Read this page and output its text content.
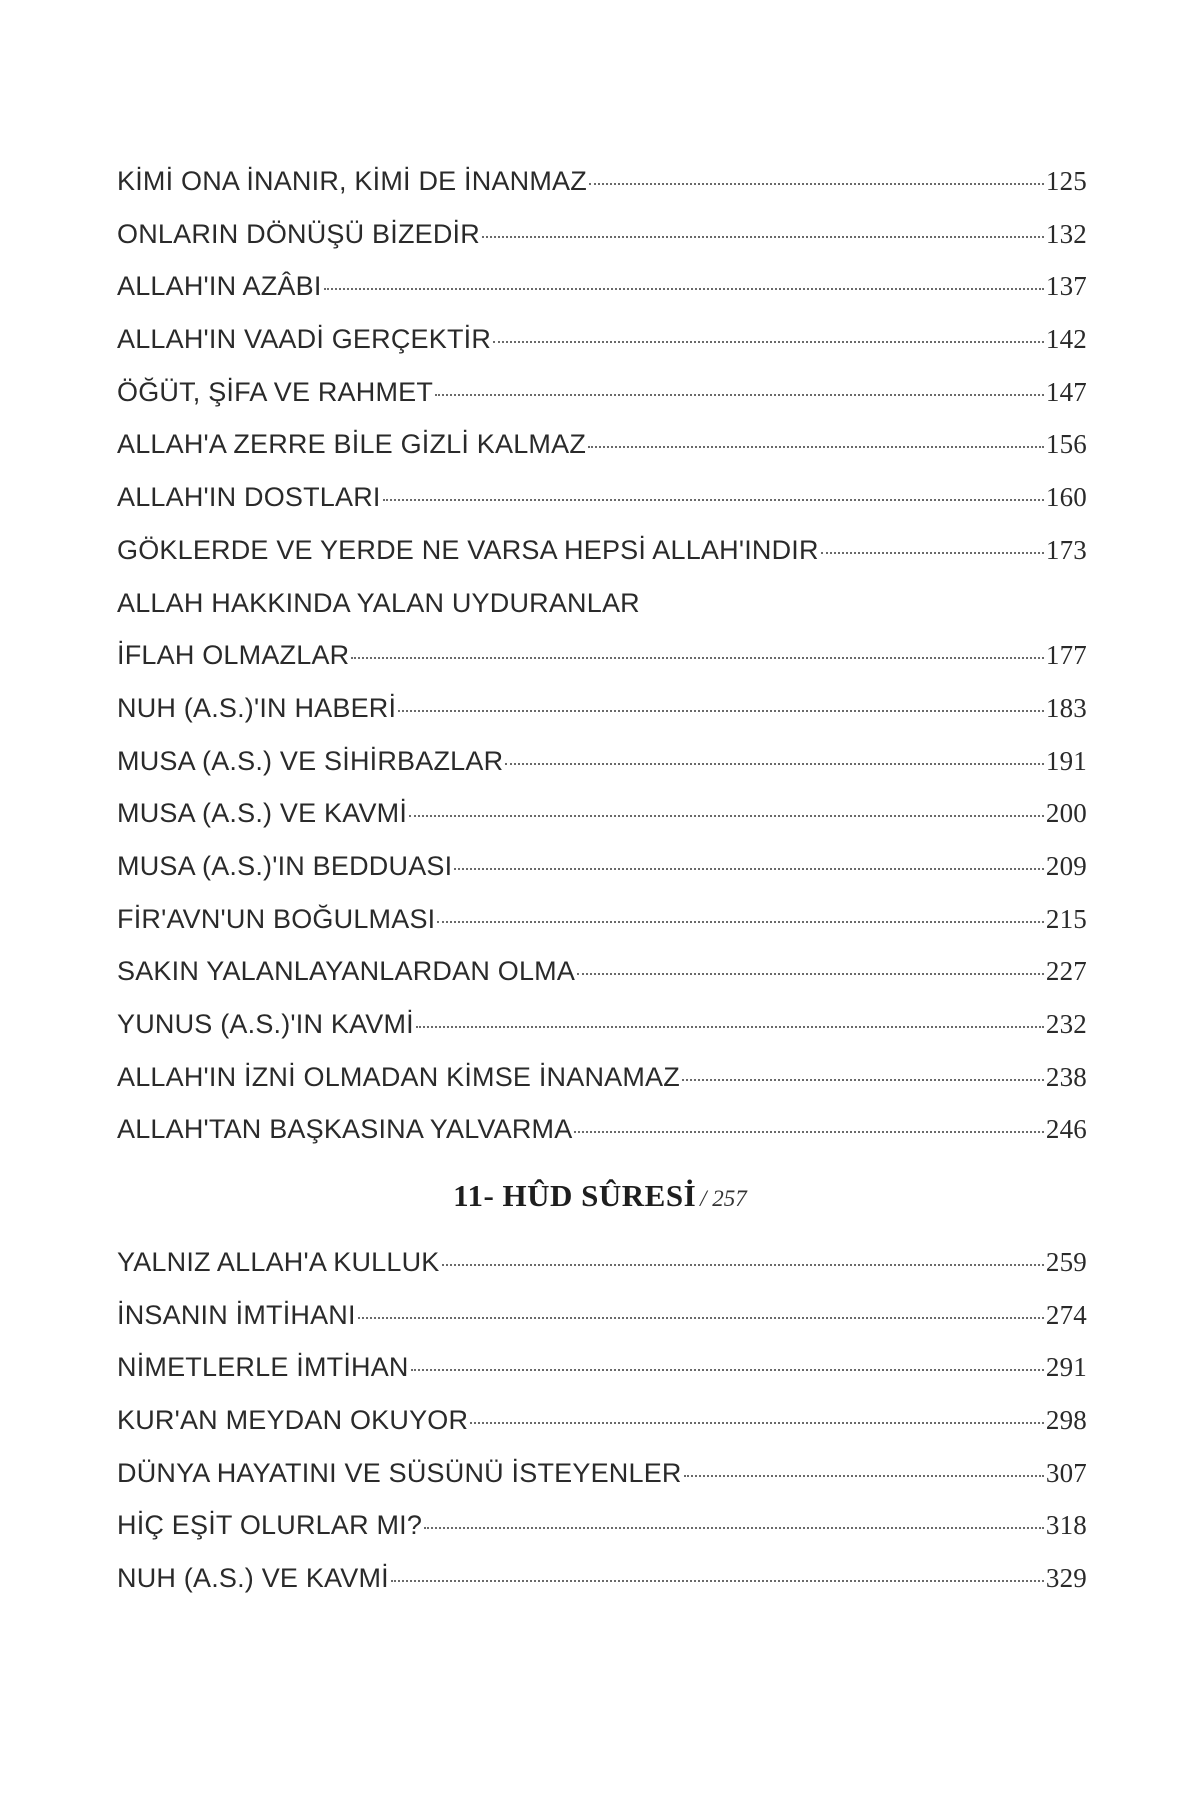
KİMİ ONA İNANIR, KİMİ DE İNANMAZ	125
ONLARIN DÖNÜŞÜ BİZEDİR	132
ALLAH'IN AZÂBI	137
ALLAH'IN VAADİ GERÇEKTİR	142
ÖĞÜT, ŞİFA VE RAHMET	147
ALLAH'A ZERRE BİLE GİZLİ KALMAZ	156
ALLAH'IN DOSTLARI	160
GÖKLERDE VE YERDE NE VARSA HEPSİ ALLAH'INDIR	173
ALLAH HAKKINDA YALAN UYDURANLAR
İFLAH OLMAZLAR	177
NUH (A.S.)'IN HABERİ	183
MUSA (A.S.) VE SİHİRBAZLAR	191
MUSA (A.S.) VE KAVMİ	200
MUSA (A.S.)'IN BEDDUASI	209
FİR'AVN'UN BOĞULMASI	215
SAKIN YALANLAYANLARDAN OLMA	227
YUNUS (A.S.)'IN KAVMİ	232
ALLAH'IN İZNİ OLMADAN KİMSE İNANAMAZ	238
ALLAH'TAN BAŞKASINA YALVARMA	246
11- HÛD SÛRESİ / 257
YALNIZ ALLAH'A KULLUK	259
İNSANIN İMTİHANI	274
NİMETLERLE İMTİHAN	291
KUR'AN MEYDAN OKUYOR	298
DÜNYA HAYATINI VE SÜSÜNÜ İSTEYENLER	307
HİÇ EŞİT OLURLAR MI?	318
NUH (A.S.) VE KAVMİ	329
